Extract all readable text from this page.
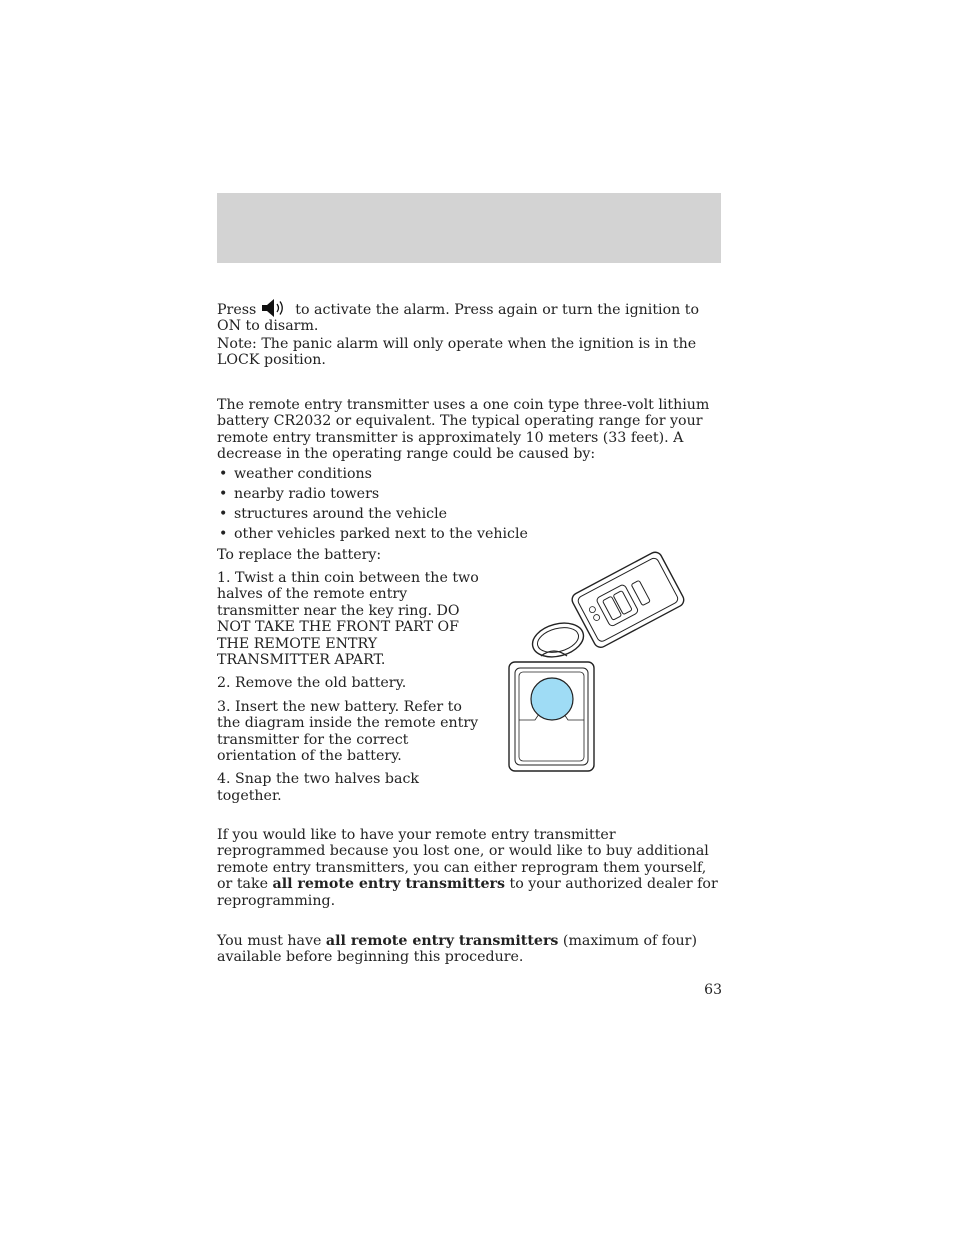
Press	to activate the alarm. Press again or turn the ignition to ON to disarm.

Note: The panic alarm will only operate when the ignition is in the LOCK position.

The remote entry transmitter uses a one coin type three-volt lithium battery CR2032 or equivalent. The typical operating range for your remote entry transmitter is approximately 10 meters (33 feet). A decrease in the operating range could be caused by:

• weather conditions
• nearby radio towers
• structures around the vehicle
• other vehicles parked next to the vehicle

To replace the battery:

1. Twist a thin coin between the two halves of the remote entry transmitter near the key ring. DO NOT TAKE THE FRONT PART OF THE REMOTE ENTRY TRANSMITTER APART.

2. Remove the old battery.

3. Insert the new battery. Refer to the diagram inside the remote entry transmitter for the correct orientation of the battery.

4. Snap the two halves back together.

If you would like to have your remote entry transmitter reprogrammed because you lost one, or would like to buy additional remote entry transmitters, you can either reprogram them yourself, or take all remote entry transmitters to your authorized dealer for reprogramming.

You must have all remote entry transmitters (maximum of four) available before beginning this procedure.

63
